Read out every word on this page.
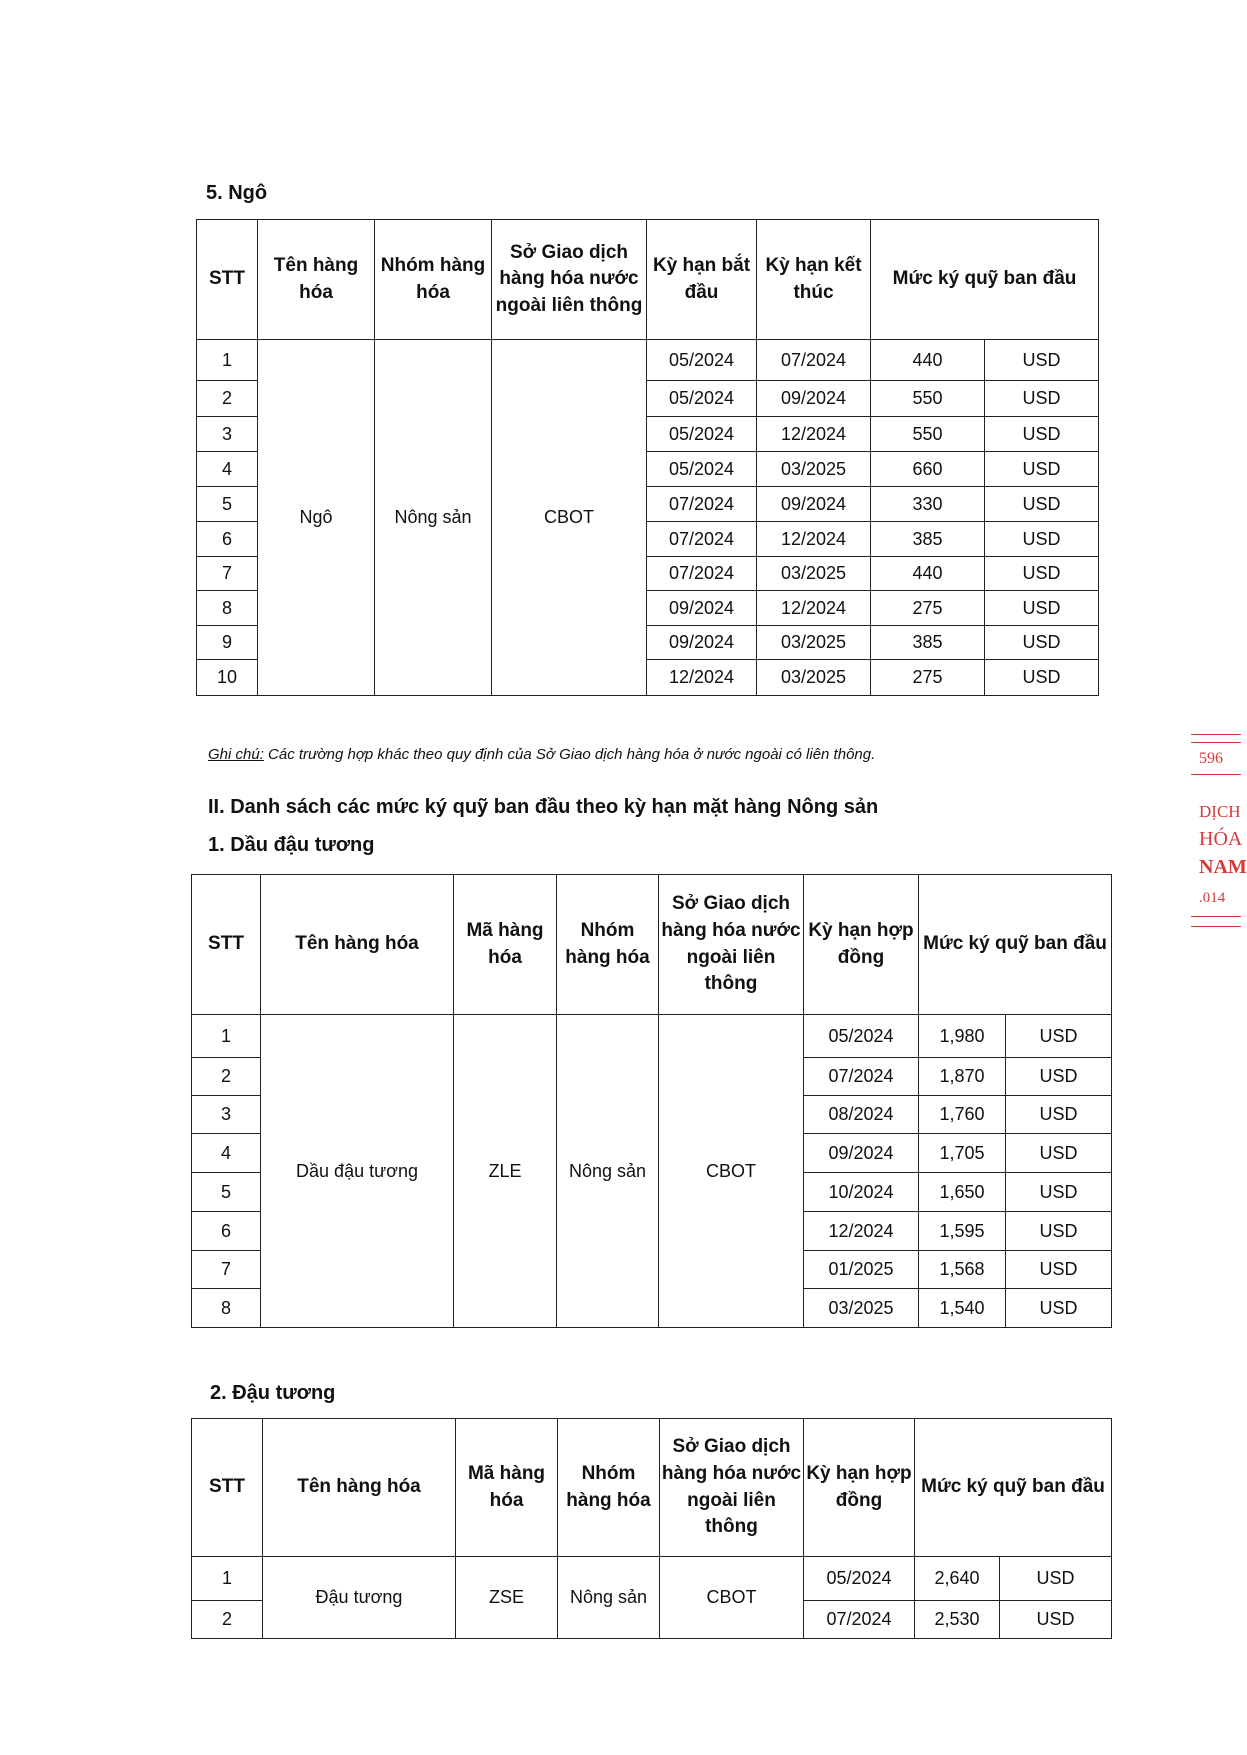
5. Ngô
STT	Tên hàng hóa	Nhóm hàng hóa	Sở Giao dịch hàng hóa nước ngoài liên thông	Kỳ hạn bắt đầu	Kỳ hạn kết thúc	Mức ký quỹ ban đầu	
1	Ngô	Nông sản	CBOT	05/2024	07/2024	440	USD
2				05/2024	09/2024	550	USD
3				05/2024	12/2024	550	USD
4				05/2024	03/2025	660	USD
5				07/2024	09/2024	330	USD
6				07/2024	12/2024	385	USD
7				07/2024	03/2025	440	USD
8				09/2024	12/2024	275	USD
9				09/2024	03/2025	385	USD
10				12/2024	03/2025	275	USD
Ghi chú: Các trường hợp khác theo quy định của Sở Giao dịch hàng hóa ở nước ngoài có liên thông.
II. Danh sách các mức ký quỹ ban đầu theo kỳ hạn mặt hàng Nông sản
1. Dầu đậu tương
STT	Tên hàng hóa	Mã hàng hóa	Nhóm hàng hóa	Sở Giao dịch hàng hóa nước ngoài liên thông	Kỳ hạn hợp đồng	Mức ký quỹ ban đầu	
1	Dầu đậu tương	ZLE	Nông sản	CBOT	05/2024	1,980	USD
2					07/2024	1,870	USD
3					08/2024	1,760	USD
4					09/2024	1,705	USD
5					10/2024	1,650	USD
6					12/2024	1,595	USD
7					01/2025	1,568	USD
8					03/2025	1,540	USD
2. Đậu tương
STT	Tên hàng hóa	Mã hàng hóa	Nhóm hàng hóa	Sở Giao dịch hàng hóa nước ngoài liên thông	Kỳ hạn hợp đồng	Mức ký quỹ ban đầu	
1	Đậu tương	ZSE	Nông sản	CBOT	05/2024	2,640	USD
2					07/2024	2,530	USD
596
DỊCH
HÓA
NAM
.014
